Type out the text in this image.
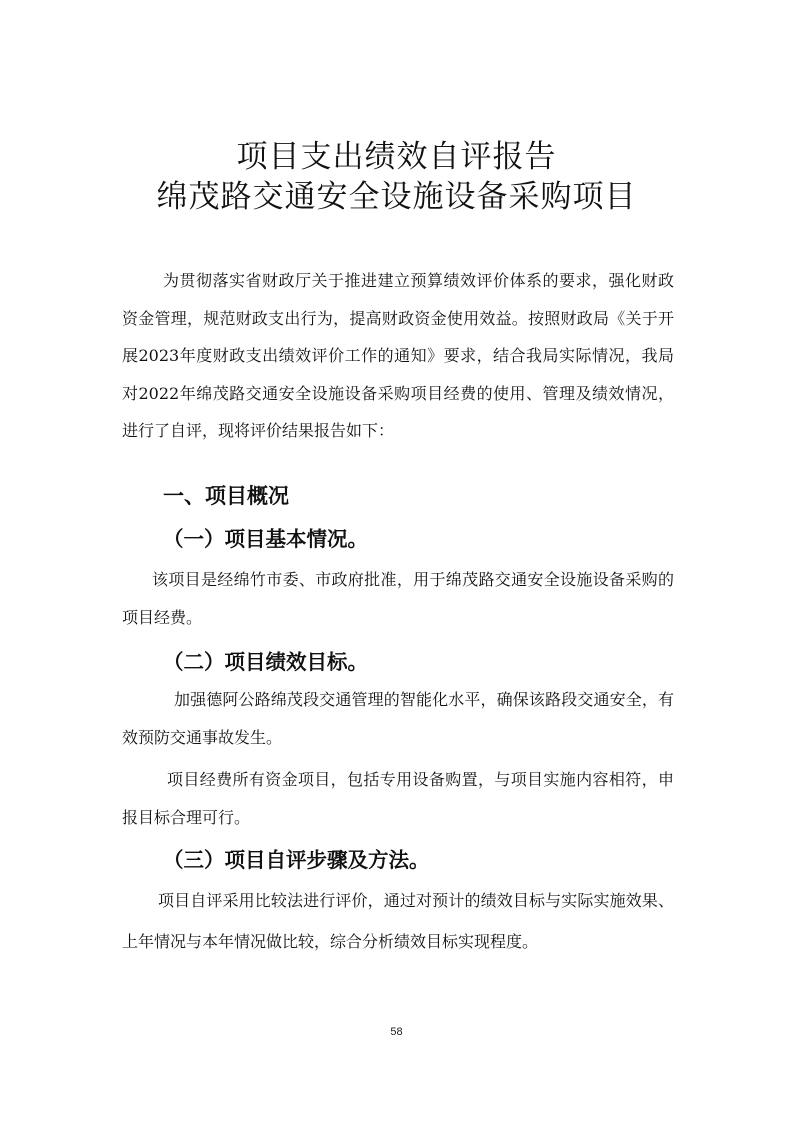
项目支出绩效自评报告
绵茂路交通安全设施设备采购项目

为贯彻落实省财政厅关于推进建立预算绩效评价体系的要求，强化财政资金管理，规范财政支出行为，提高财政资金使用效益。按照财政局《关于开展2023年度财政支出绩效评价工作的通知》要求，结合我局实际情况，我局对2022年绵茂路交通安全设施设备采购项目经费的使用、管理及绩效情况，进行了自评，现将评价结果报告如下：

一、项目概况
（一）项目基本情况。

该项目是经绵竹市委、市政府批准，用于绵茂路交通安全设施设备采购的项目经费。

（二）项目绩效目标。

加强德阿公路绵茂段交通管理的智能化水平，确保该路段交通安全，有效预防交通事故发生。

项目经费所有资金项目，包括专用设备购置，与项目实施内容相符，申报目标合理可行。

（三）项目自评步骤及方法。

项目自评采用比较法进行评价，通过对预计的绩效目标与实际实施效果、上年情况与本年情况做比较，综合分析绩效目标实现程度。

58
